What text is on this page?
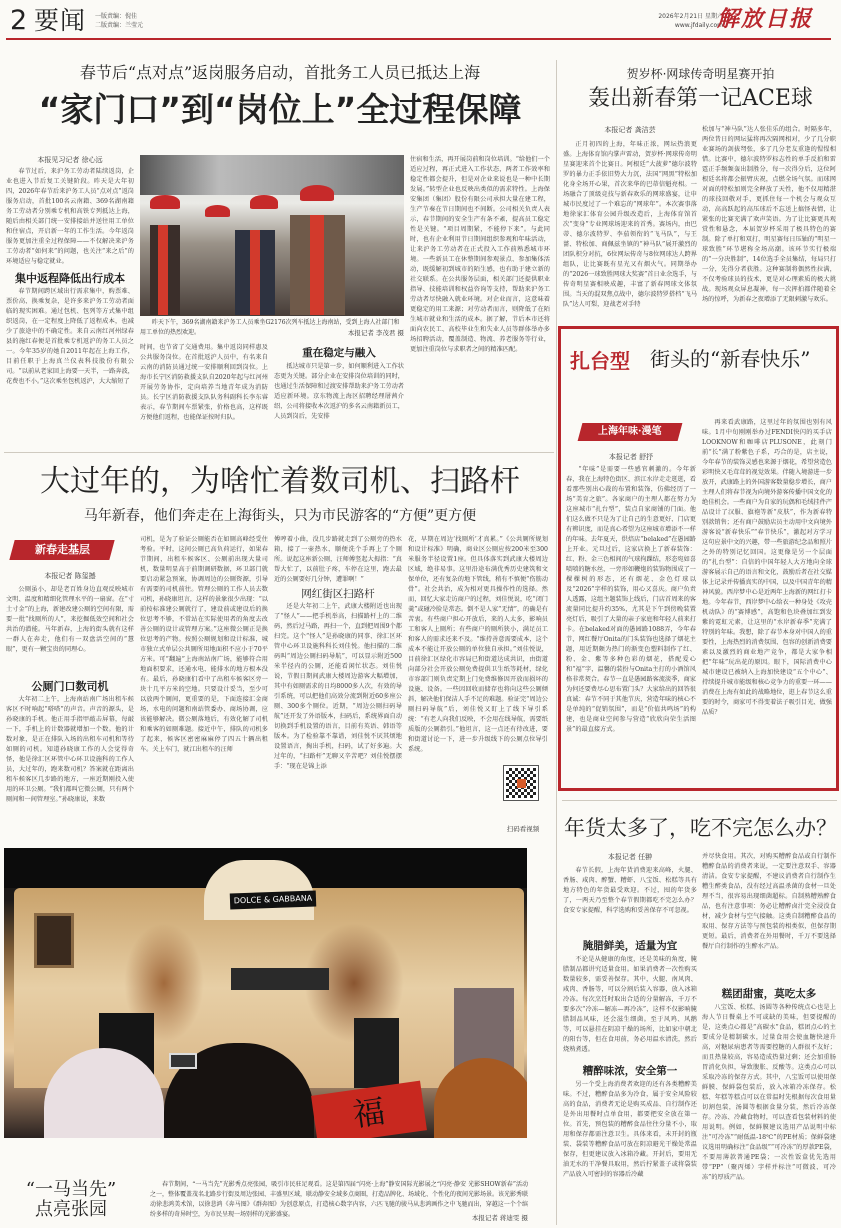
2 要闻 一版责编：倪佳
二版责编：兰莹元
2026年2月21日 星期六
www.jfdaily.com
解放日报
春节后“点对点”返岗服务启动，首批务工人员已抵达上海
“家门口”到“岗位上”全过程保障
本报见习记者 徐心远
春节过后，来沪务工劳动者陆续返岗，企业也进入节后复工关键阶段。昨天是大年初四，2026年春节后来沪务工人员“点对点”返岗服务启动，首批100名云南籍、369名湖南籍务工劳动者分别乘专机和高铁专列抵达上海，随后由相关部门统一安排接站并送往用工单位和住宿点，开启新一年的工作生活。今年返岗服务更加注重全过程保障——不仅解决来沪务工劳动者“如何来”的问题，也关注“来之后”的环境适应与稳定就业。
集中返程降低出行成本
春节期间跨区域出行需求集中，购票难、票价高、换乘复杂，是许多来沪务工劳动者面临的现实困难。通过包机、包列等方式集中组织返岗，在一定程度上降低了返程成本，也减少了旅途中的不确定性。来自云南红河州绿春县的施红春便是首批乘专机返沪的务工人员之一。今年35岁的她自2011年起在上海工作，目前任职于上海真兰仪表科技股份有限公司。“以前从老家回上海要一天半，一路奔波，花费也不小。”这次乘坐包机返沪，大大缩短了
昨天下午，369名湖南籍来沪务工人员乘坐G2176次列车抵达上海南站，受到上海人社部门和用工单位的热烈欢迎。	本报记者 李茂君 摄
时间，也节省了交通费用。集中返岗同样惠及公共服务岗位。在首批返沪人员中，有名来自云南的消防员通过统一安排顺利回到岗位。上海市长宁区消防救援支队自2020年起与红河州开展劳务协作，定向培养当地青年成为消防员。长宁区消防救援支队队务科副科长李东睿表示，春节期间车票紧张，价格也高，这样既方便他们返程，也能保证按时归队。
重在稳定与融入
抵达城市只是第一步，如何顺利进入工作状态更为关键。部分企业在安排岗位培训的同时，也通过生活保障和过渡安排帮助来沪务工劳动者适应新环境。京东物流上海区招聘经理屠茜介绍，公司将接收本次返沪的多名云南籍新员工，人员到岗后，先安排
住宿和生活，再开展岗前和岗位培训。“给他们一个适应过程，再正式进入工作状态，两者工作效率和稳定性都会提升，但是对企业来说也是一种中长期发展。”转型企业也反映出类似的需求特性。上海保安集团（集团）股份有限公司承担大量在建工程，生产节奏在节日期间也不间断。公司相关负责人表示，春节期间的安全生产有条不紊，提高员工稳定性是关键。“项目周期紧，不能停下来”。与此同时，也有企业利用节日期间组织参观和年味活动，让来沪务工劳动者在正式投入工作前熟悉城市环境。一些新员工在休整期间参观景点、参加集体活动，既缓解初到城市的陌生感，也有助于建立新的社交联系。在公共服务层面，相关部门还提供职业指导、技能培训和权益咨询等支持，帮助来沪务工劳动者尽快融入就业环境。对企业而言，这意味着更稳定的用工来源；对劳动者而言，则降低了在陌生城市就业和生活的成本。据了解，节后本市还将面向农民工、高校毕业生和失业人员等群体举办多场招聘活动，覆盖制造、物流、养老服务等行业，更加注重岗位与求职者之间的精准匹配。
贺岁杯·网球传奇明星赛开拍
轰出新春第一记ACE球
本报记者 龚洁芸
正月初四的上海，年味正浓，网坛热浪更盛。上海体育馆内掌声雷动，贺岁杯·网球传奇明星赛迎来首个比赛日。阿根廷“大菠萝”德尔波特罗的暴力正手依旧势大力沉，法国“网黑”特松加化身全场开心果，首次来华的巴蒂信魁亮相。一场融合了顶级竞技与新春欢乐的网球盛宴，让申城市民度过了一个难忘的“网球年”。本次赛事落地徐家汇体育公园升级改造后，上海体育馆首次“变身”专业网球场迎来的首秀。赛场内，由巴蒂、德尔波特罗、李茄领衔的“飞马队”，与王蔷、特松加、商佩兹坐镇的“神马队”展开激烈的团队积分对抗，6位网坛传奇与8位网球达人跨界组队，让比赛既有星光又有烟火气。同期举办的“2026一球致胜网球大奖赛”首日业余选手，与传奇明星赛相映成趣，丰富了新春网球文体氛围。当天的混双焦点战中，德尔波特罗搭档“飞马队”达人可梨，迎战老对手特
松加与“神马队”达人张佳乐的组合。时隔多年，两位昔日的网坛猛将再次隔网相对，少了几分职业赛场的剑拔弩张，多了几分老友重逢的惺惺相惜。比赛中，德尔波特罗标志性的单手反拍和雷霆正手频频轰出制胜分，每一次得分后，这位阿根廷名将都会振臂庆祝，点燃全场气氛。而球网对面的特松加则完全释放了天性，他不仅用精湛的球技回敬对手，更抓住每一个机会与观众互动，高高跃起的高压球后不忘送上搞怪表情，让紧张的比赛充满了欢声笑语。为了让比赛更具观赏性和悬念，本届贺岁杯采用了极具特色的赛制。除了单打和双打，明星赛每日压轴的“明星一球致胜”环节堪称全场高潮。该环节实行极端的“一分决胜制”，14位选手全员集结，每局只打一分，先得分者获胜。这种赛制将偶然性拉满，不仅考验球员的技术，更是对心理素质的极大挑战。现场观众屏息凝神，每一次挥拍都伴随着全场的惊呼，为新春之夜增添了无限刺激与欢乐。
扎台型 街头的“新春快乐”
上海年味·漫笔
本报记者 舒抒
“年味”是需要一些感官刺激的。今年新春，我在上海特色街区、滨江水岸走走逛逛，看看那些别出心裁的布置和装饰，仿佛经历了一场“美育之旅”。各家商户的主理人都在努力为这座城市“扎台型”，装点自家商铺的门面。他们这么做不只是为了让自己的生意更好、门店更有辨识度，而是真心希望为这座城市增添不一样的年味。去年夏天，烘焙店“belaked”在愚园路上开业。元旦过后，这家店换上了新春装饰：红、粉、金三色相间的气球拘踝结，形态宛如喜喷喷的糖水丝，一旁形如鞭炮的装饰物围成了一棵棵树的形态，还有烟花、金色灯球以及“2026”字样的装饰，用心又喜庆。商户负责人透露，这组主题装饰上线后，门店首周来的客流量同比提升约35%，尤其是下午到傍晚装置亮灯后，吸引了大量的亲子家庭和年轻人前来打卡。在belaked对面的愚园路1088弄，今年春节，网红餐厅Onita的门头装饰也选择了烟花主题，用近期颇为热门的渐变色塑料制作了红、粉、金、紫等多种色彩的烟花，搭配爱心和“福”字，温馨的装扮与Onita主打的小酒馆风格非常契合。春节一直是愚园路客流淡季，商家为何还要费尽心思布置门头？大家给出的回答很真诚：春节不同于其他节庆，营造年味的核心不是单纯的“促销氛围”，而是“价值共鸣场”的构建，也是商业空间参与营造“欣欣向荣生活图景”的最直接方式。
再来看武康路，这里过年的氛围也别有风味。1月中旬刚刚举办过FENDI快闪的买手店LOOKNOW和咖啡店PLUSONE，此刻门前“长”满了粉紫色子系，巧合的是，店主说，今年春节的装饰灵感也来源于烟花，希望营造色彩明快又毛茸茸的视觉效果。伴随入境游进一步放开，武康路上的外国游客数量稳步增长，商户主理人们将春节视为向境外游客传播中国文化的绝佳机会。一些商户为自家的玩偶和毛绒挂件产品设计了汉服、旗袍等新“皮肤”，作为新春特别款销售；还有商户鼓励店员主动用中文向境外游客说“新春快乐”“春节快乐”，激起对方学习这句应景中文的兴趣，带一些旅游纪念品和照片之外的特别记忆回国。这更像是另一个层面的“扎台型”：自信的中国年轻人大方地向全球游客展示自己的语言和文化，鼓励后者在社交媒体上记录并传播真实的中国，以及中国青年的精神风貌。西岸梦中心是近两年上海新的网红打卡地。今年春节，西岸梦中心给衣一种身处《攻壳机动队》的“赛博感”，高饱和色块叠加红到发紫的霓虹元素，让这里的“水岸新春季”充满了特别的年味。我想，除了春节本身对中国人的重要性，上海热烈的消费氛围、包容的创新消费要素以及激烈的商业地产竞争，都是大家争相把“年味”玩出花的原因。眼下，国际消费中心城市建设已被纳入上海加快建设“五个中心”、持续提升城市能级和核心竞争力的重要一环——消费在上海有如此的战略地位，逛上春节这么重要的时令，商家可不得变着法子吸引目光、做强品质？
大过年的，为啥忙着数司机、扫路杆
马年新春，他们奔走在上海街头，只为市民游客的“方便”更方便
新春走基层
本报记者 陈玺撼
公厕虽小，却是老百姓身边直观反映城市文明、温度和精细化管理水平的一扇窗。在“寸土寸金”的上海，新建改建公厕的空间有限，需要一批“找厕所的人”，来挖掘低效空间和社会共治的潜能。马年新春，上海的街头就有这样一群人在奔走，他们有一双盘活空间的“慧眼”，更有一颗宝贵的同理心。
公厕门口数司机
大年初二上午，上海南站南广场出租车候客区不时响起“嗒嗒”的声音。声音的源头，是孙晓康的手机。他正用手指甲敲击屏幕，每敲一下，手机上的计数器就增加一个数。他的计数对象，是正在排队入场的出租车司机和等待如厕的司机。知道孙晓康工作的人会觉得奇怪，他是徐汇区环管中心环卫设施科的工作人员，大过年的，跑来数司机？答案就在距离出租车候客区几步路的地方，一座近期刚投入使用的环卫公厕。“我们都叫它微公厕，只有两个厕间和一间管理室。”孙晓康说，来数
司机，是为了验证公厕能否在如厕高峰经受住考验。平时，这间公厕已高负荷运行，如果春节期间，出租车候客区、公厕前出现大量司机，数量明显高于前期调研数据，环卫部门就要启动紧急预案，协调周边的公厕资源，引导有需要的司机前往。管理公厕的工作人员去数司机，孙晓康坦言，这样的景象很少出现：“以前按标准建公厕就行了，建设前或建设后的换位思考不够，不常站在实际使用者的角度去改善公厕的设计或管理方案。”这座微公厕正是换位思考的产物。按照公厕规划和设计标准，城市独立式单层公共厕所用地面积不应小于70平方米。可“翻遍”上海南站南广场，能够符合用地面积要求，还通水电、能排水的地方根本没有。最后，孙晓康们看中了出租车候客区旁一块十几平方米的空地。只要设计妥当，至少可以放两个厕间，更重要的是，下面连接汇金商场，水电的问题和南站管委办、商场协调，应该能够解决。微公厕落地后，有效化解了司机和乘客的如厕难题。接近中午，排队的司机多了起来，候客区密密麻麻停了四五十辆出租车。关上车门，就江出租车的汪师
傅哼着小曲，没几步路就走到了公厕旁的热水箱，接了一壶热水，顺便洗个手再上了个厕所。说起这座新公厕，汪师傅竖起大拇指：“真帮大忙了，以前肚子疼，车停在这里，跑去最近的公厕要好几分钟，遭罪啊！”
网红街区扫路杆
还是大年初二上午，武康大楼附近也出现了“怪人”——把手机举高，扫描路杆上的二维码，然后过马路，再扫一个，直到把周围9个都扫完。这个“怪人”是孙晓康的同事、徐汇区环管中心环卫设施科科长刘佳悦。他扫描的二维码叫“周边公厕扫码导航”，可以显示附近500米半径内的公厕，还能看闲忙状态。刘佳悦说，节假日期间武康大楼周边游客大幅增加，其中有如厕需求的日均8000多人次，有效的导引系统，可以把他们高效分流到附近60多座公厕、300多个厕位。近期，“周边公厕扫码导航”还开发了外语版本，扫码后，系统界面自动切换到手机设置的语言，目前有英语、韩语等版本。为了检验靠不靠谱，刘佳悦不厌其烦地设置语言，掏出手机，扫码，试了好多遍。大过年的，“扫路杆”无聊又辛苦吧？刘佳悦摆摆手：“现在是锦上添
花，早期在周边‘找厕所’才真累。”《公共厕所规划和设计标准》明确，商业区公厕应按200米至300米服务半径设置1座。但具体落实到武康大楼周边区域，绝非易事。这里沿途布满优秀历史建筑和文保单位，还有复杂的地下管线，稍有不慎便“伤筋动骨”。社会共治，成为相对更具操作性的选择。然而，回忆大家走访商户的过程，刘佳悦说，吃“闭门羹”或碰冷脸是常态。倒不是人家“无情”，的确是有苦衷。有些商户担心开放后，来的人太多，影响员工和客人上厕所；有些商户的厕所狭小，满足员工和客人的需求还来不及。“维持善意需要成本，这个成本不能让开放公厕的单位独自承担。”刘佳悦说，目前徐汇区绿化市容局已和街道达成共识，由街道向部分社会开放公厕免费提供卫生纸等耗材，绿化市容部门则负责定期上门免费维修因开放而损坏的设施、设备。一些因回收而储存也将向这些公厕倾斜，解决他们保洁人手不足的难题。验证完“周边公厕扫码导航”后，刘佳悦又盯上了线下导引系统：“有老人向我们反映，不会用在线导航，需要纸质版的公厕指引。”他坦言，这一点还有待改进，要和街道讨论一下，进一步升级线下的公厕点位导引系统。
扫码看视频
DOLCE & GABBANA
福
“一马当先”
点亮张园
春节期间，“一马当先”光影秀点亮张园，吸引市民驻足观看。这是第四届“闪亮·上海”静安国际光影展之“闪亮·静安 光影SHOW新春”活动之一，整体覆盖茂名北路步行街及周边张园、丰盛里区域，联动静安全域多点商圈，打造品牌化、场域化、个性化的夜间光影场景。该光影秀联动徐悲鸿美术馆，以徐悲鸿《奔马图》《群奔图》为创意原点，打造核心数字内容，六匹飞驰的骏马从悲鸿画作之中飞驰而出，穿越这一个个缤纷多样的奇异时空，为市民呈现一场别样的光影盛宴。	本报记者 蒋迪雯 摄
年货太多了，吃不完怎么办？
本报记者 任翀
春节长假，上海年货消费迎来高峰，火腿、香肠、咸肉、醉蟹、糟虾、八宝饭、松糕等具有地方特色的年货最受欢迎。不过，囤的年货多了，一两天乃至整个春节假期都吃不完怎么办？食安专家提醒，科学选购和妥善保存不可忽视。
腌腊鲜美，适量为宜
不论是从健康的角度，还是美味的角度，腌腊制品都讲究适量食用。如果消费者一次性购买数量较多，需妥善保存。其中，火腿、南风肉、咸肉、香肠等，可以分割后装入容器，放入冰箱冷冻。每次烹饪时取出合适的分量解冻，千万不要多次“冷冻—解冻—再冷冻”，这样不仅影响腌腊制品风味，还会滋生细菌。至于风鸡、风鹅等，可以悬挂在阴凉干燥的场所，比如家中朝北的阳台等，但在食用前，务必用温水清洗，然后烧熟煮透。
糟醉味浓，安全第一
另一个受上海消费者欢迎的还有各类糟醉美味。不过，糟醉食品多为冷食，属于安全风险较高的食品，消费者无论是购买成品、自行制作还是外出用餐时点单食用，都要把安全放在第一位。首先，预包装的糟醉食品往往分量不小，取用和保存都需注意卫生。具体来看，未开封的瓶装、袋装等糟醉食品可放在阴凉避光干燥处常温保存，但更建议放入冰箱冷藏。开封后，要用无油无水的干净餐具取用，然后拧紧盖子或将袋装产品放入可密封的容器后冷藏
并尽快食用。其次，对购买糟醉食品或自行制作糟醉食品的消费者来说，一定要注意双手、容器清洁。食安专家提醒，不建议消费者自行制作生糟生醉类食品，没有经过高温杀菌的食材一旦处理不当，很容易出现细菌超标。自制熟糟熟醉食品，也有注意事项：务必让糟醉卤汁完全浸没食材，减少食材与空气接触。这类自制糟醉食品的取用、保存方法等与预包装的相类似，但保存期更短。最后，消费者在外用餐时，千万不要选择餐厅自行制作的生醉水产品。
糕团甜蜜，莫吃太多
八宝饭、松糕、汤圆等各种传统点心也是上海人节日餐桌上不可或缺的美味，但要提醒的是，这类点心都是“高碳水”食品，糕团点心的主要成分是精制碳水，过量食用会使血糖快速升高，对糖尿病患者等需要控糖的人群很不友好；而且热量较高，容易造成热量过剩；还会加重肠胃消化负担，导致腹胀、反酸等。这类点心可以采取冷冻的保存方式。其中，八宝饭可以使用保鲜膜、保鲜袋包装后，放入冰箱冷冻保存。松糕、年糕等糕点可以在常温时先根据每次食用量切割包装，汤圆等根据食量分装，然后冷冻保存。冷冻、冷藏食物时，可以查看包装材料的使用说明。例如，保鲜膜建议选用产品说明中标注“可冷冻”“耐低温-18℃”的PE材质；保鲜袋建议选用明确标注“食品级”“可冷冻”的厚款PE袋，不要用薄款普通PE袋；一次性饭盒优先选用带“PP”（聚丙烯）字样并标注“可微波、可冷冻”的厚质产品。
